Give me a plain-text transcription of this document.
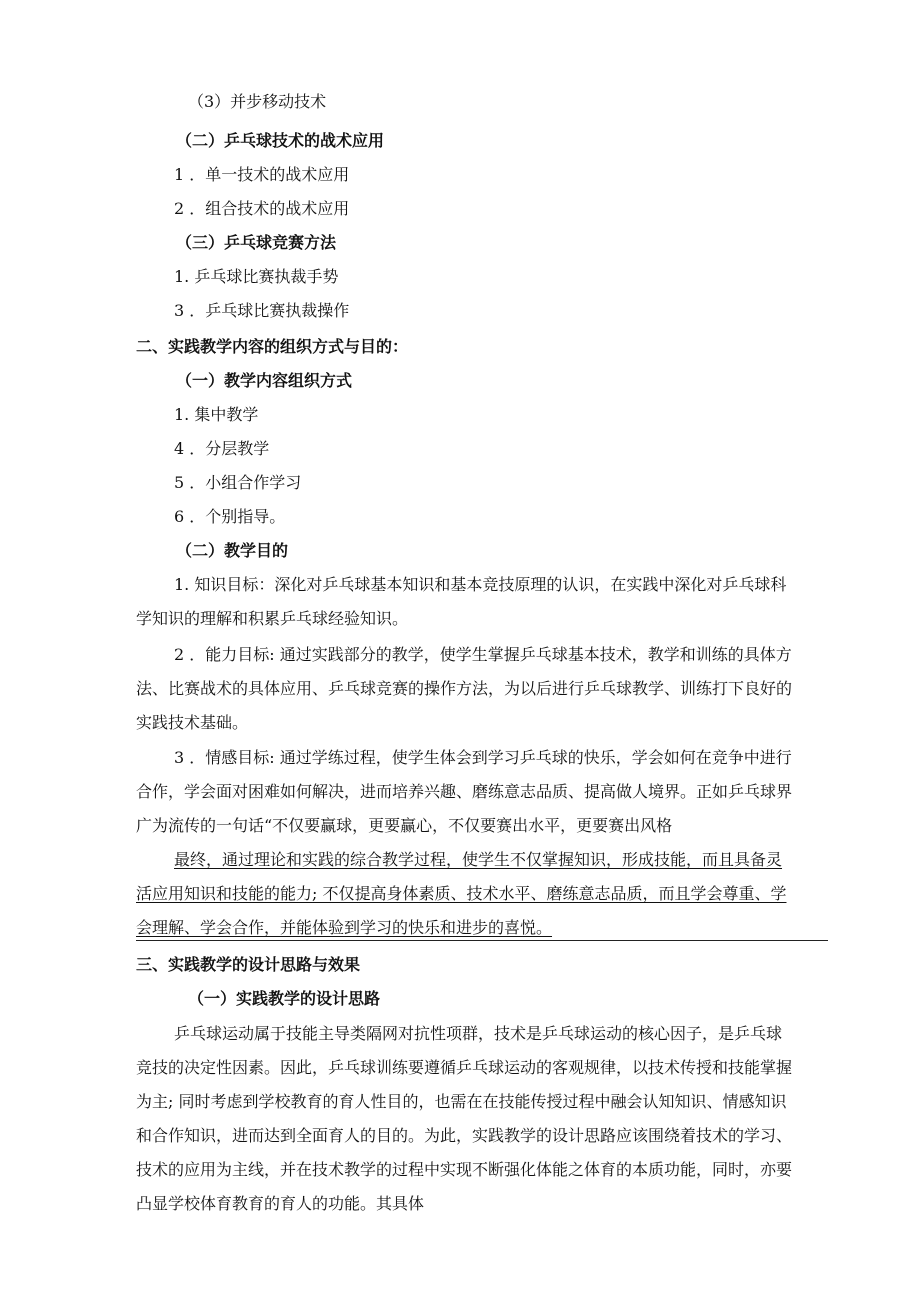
（3）并步移动技术

（二）乒乓球技术的战术应用

1 ．单一技术的战术应用

2 ．组合技术的战术应用

（三）乒乓球竞赛方法

1. 乒乓球比赛执裁手势

3 ．乒乓球比赛执裁操作

二、实践教学内容的组织方式与目的：

（一）教学内容组织方式

1. 集中教学

4 ．分层教学

5 ．小组合作学习

6 ．个别指导。

（二）教学目的

1. 知识目标：深化对乒乓球基本知识和基本竞技原理的认识，在实践中深化对乒乓球科

学知识的理解和积累乒乓球经验知识。

2 ．能力目标: 通过实践部分的教学，使学生掌握乒乓球基本技术，教学和训练的具体方

法、比赛战术的具体应用、乒乓球竞赛的操作方法，为以后进行乒乓球教学、训练打下良好的

实践技术基础。

3 ．情感目标: 通过学练过程，使学生体会到学习乒乓球的快乐，学会如何在竞争中进行

合作，学会面对困难如何解决，进而培养兴趣、磨练意志品质、提高做人境界。正如乒乓球界

广为流传的一句话“不仅要赢球，更要赢心，不仅要赛出水平，更要赛出风格

最终，通过理论和实践的综合教学过程，使学生不仅掌握知识，形成技能，而且具备灵

活应用知识和技能的能力; 不仅提高身体素质、技术水平、磨练意志品质，而且学会尊重、学

会理解、学会合作，并能体验到学习的快乐和进步的喜悦。

三、实践教学的设计思路与效果

（一）实践教学的设计思路

乒乓球运动属于技能主导类隔网对抗性项群，技术是乒乓球运动的核心因子，是乒乓球

竞技的决定性因素。因此，乒乓球训练要遵循乒乓球运动的客观规律，以技术传授和技能掌握

为主; 同时考虑到学校教育的育人性目的，也需在在技能传授过程中融会认知知识、情感知识

和合作知识，进而达到全面育人的目的。为此，实践教学的设计思路应该围绕着技术的学习、

技术的应用为主线，并在技术教学的过程中实现不断强化体能之体育的本质功能，同时，亦要

凸显学校体育教育的育人的功能。其具体
